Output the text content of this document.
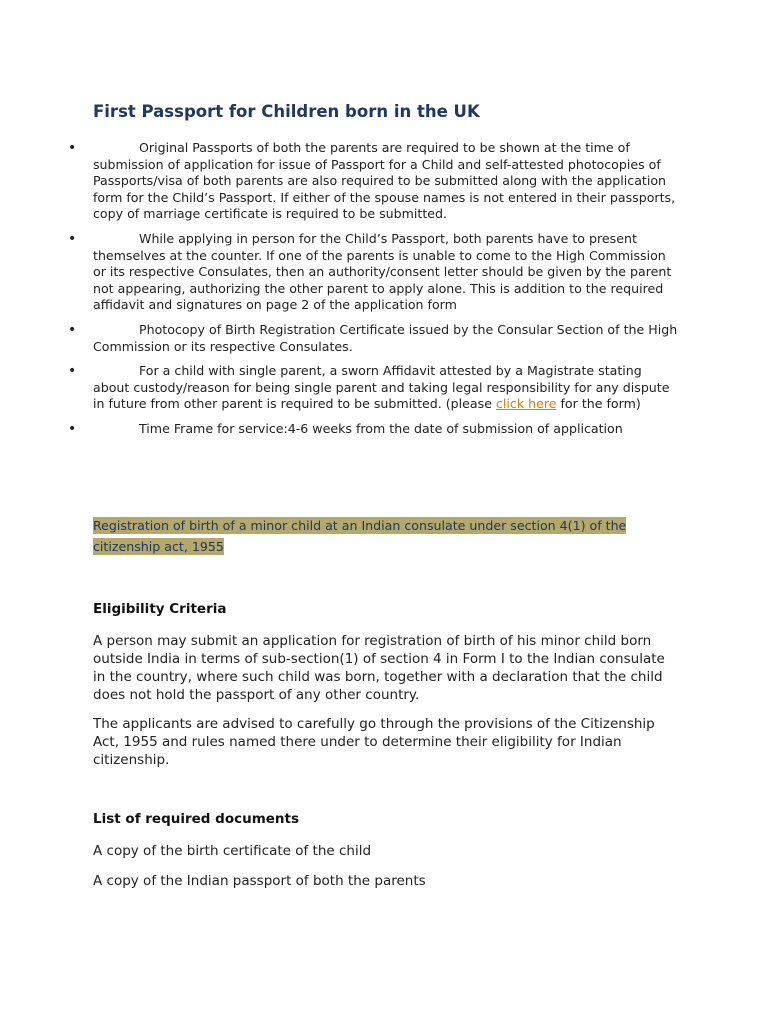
First Passport for Children born in the UK
•	Original Passports of both the parents are required to be shown at the time of submission of application for issue of Passport for a Child and self-attested photocopies of Passports/visa of both parents are also required to be submitted along with the application form for the Child’s Passport. If either of the spouse names is not entered in their passports, copy of marriage certificate is required to be submitted.
•	While applying in person for the Child’s Passport, both parents have to present themselves at the counter. If one of the parents is unable to come to the High Commission or its respective Consulates, then an authority/consent letter should be given by the parent not appearing, authorizing the other parent to apply alone. This is addition to the required affidavit and signatures on page 2 of the application form
•	Photocopy of Birth Registration Certificate issued by the Consular Section of the High Commission or its respective Consulates.
•	For a child with single parent, a sworn Affidavit attested by a Magistrate stating about custody/reason for being single parent and taking legal responsibility for any dispute in future from other parent is required to be submitted. (please click here for the form)
•	Time Frame for service:4-6 weeks from the date of submission of application
Registration of birth of a minor child at an Indian consulate under section 4(1) of the
citizenship act, 1955
Eligibility Criteria

A person may submit an application for registration of birth of his minor child born outside India in terms of sub-section(1) of section 4 in Form I to the Indian consulate in the country, where such child was born, together with a declaration that the child does not hold the passport of any other country.

The applicants are advised to carefully go through the provisions of the Citizenship Act, 1955 and rules named there under to determine their eligibility for Indian citizenship.

List of required documents

A copy of the birth certificate of the child

A copy of the Indian passport of both the parents
